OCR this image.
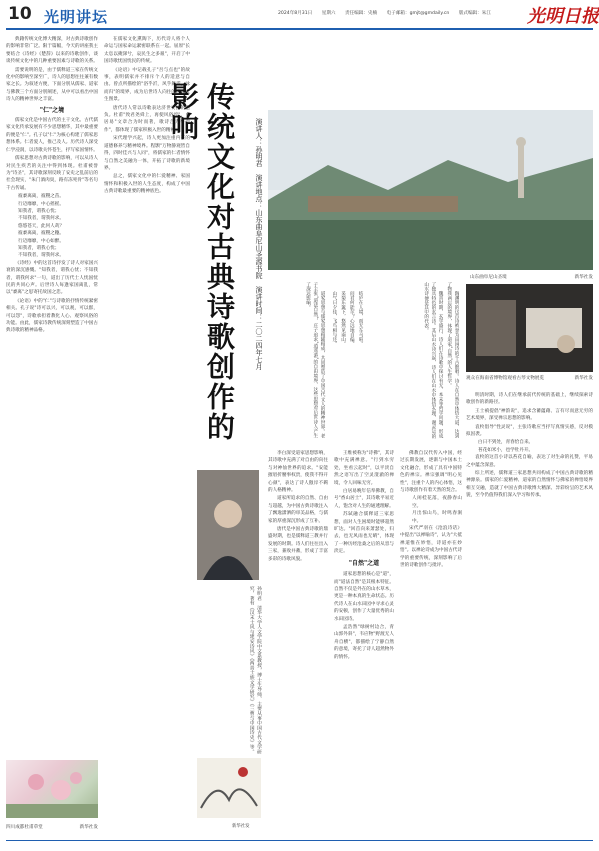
10 光明讲坛	2024年8月31日 星期六 责任编辑：史楠 电子邮箱：gmjt@gmdaily.cn 版式编辑：朱江 光明日报

典籍传统文化博大精深，对古典诗歌创作的影响非常广泛。限于篇幅，今天的讲座我主要结合《诗经》《楚辞》以来的诗歌创作，谈谈传统文化中的几种重要因素与诗歌的关系。

需要说明的是，由于儒释道三家在传统文化中的影响至深至广，诗人的思想往往兼有数家之长。为叙述方便，下面分别从儒家、道家与佛教三个方面分别阐述，从中可以看出中国诗人的精神世界之丰富。

"仁"之境

儒家文化是中国古代的主干文化。古代儒家文化传承发展有不少思想精华，其中最重要的便是"仁"。孔子以"仁"为核心构建了儒家思想体系。仁者爱人，推己及人。历代诗人深受仁学浸润，以诗歌关怀苍生，抒写家国情怀。

儒家思想对古典诗歌的影响，可以从诗人对民生疾苦的关注中得到体现。杜甫被誉为"诗圣"，其诗歌深刻反映了安史之乱前后的社会现实，"朱门酒肉臭，路有冻死骨"等名句千古传诵。

彼黍离离，彼稷之苗。
行迈靡靡，中心摇摇。
知我者，谓我心忧；
不知我者，谓我何求。
悠悠苍天，此何人哉？
彼黍离离，彼稷之穗。
行迈靡靡，中心如醉。
知我者，谓我心忧；
不知我者，谓我何求。

《诗经》中的这首诗抒发了诗人对家国兴衰的深沉感慨。"知我者，谓我心忧；不知我者，谓我何求"一句，道出了历代士人忧国忧民的共同心声。后世诗人每逢家国离乱，常以"黍离"之思寄托故国之悲。

《论语》中的"仁"与诗歌的抒情传统紧密相关。孔子说"诗可以兴，可以观，可以群，可以怨"，诗歌承担着教化人心、观察风俗的功能。由此，儒家诗教传统深刻塑造了中国古典诗歌的精神品格。

四川成都杜甫草堂	新华社发

在儒家文化熏陶下，历代诗人将个人命运与国家命运紧密联系在一起。屈原"长太息以掩涕兮，哀民生之多艰"，开启了中国诗歌忧国忧民的传统。

《论语》中记载孔子"吾与点也"的故事，表明儒家并不排斥个人的适意与自由。曾点所描绘的"浴乎沂，风乎舞雩，咏而归"的境界，成为后世诗人向往的理想人生图景。

唐代诗人常以诗歌表达济世安民的抱负。杜甫"致君尧舜上，再使风俗淳"，白居易"文章合为时而著，歌诗合为事而作"，都体现了儒家积极入世的精神。

宋代理学兴起，诗人更加注重内在的道德修养与精神境界。程颢"万物静观皆自得，四时佳兴与人同"，将儒家的仁者情怀与自然之美融为一体，开拓了诗歌的新境界。

总之，儒家文化中的仁爱精神、家国情怀和积极入世的人生态度，构成了中国古典诗歌最重要的精神底色。	传统文化对古典诗歌创作的影响
演讲人：孙明君　演讲地点：山东曲阜尼山圣源书院　演讲时间：二〇二四年七月	山东曲阜尼山圣境	新华社发
孙明君　清华大学人文学院中文系教授，博士生导师，主要从事中国古代文学研究，著有《汉末士风与建安诗风》《两晋士族文学研究》《三曹与中国诗史》等。
新华社发

道家思想与儒家思想相辅相成，共同塑造了中国古代文人的精神世界。老子主张"道法自然"，庄子追求"逍遥游"的自由境界，这些思想对后世诗人产生了深远影响。	结庐在人境，而无车马喧。

问君何能尔？心远地自偏。

采菊东篱下，悠然见南山。

山气日夕佳，飞鸟相与还。	陶渊明的这首诗被誉为田园诗的千古绝唱。诗人在自然中体悟大道，达到了物我两忘的境界，体现了道家"自然"的人生哲学。

魏晋时期，玄学盛行，诗人们在诗歌中探讨有无、本末等哲学问题，形成了独具特色的玄言诗。其后山水诗兴起，诗人们在山水中体悟玄理，谢灵运的山水诗便是其中的代表。

李白深受道家思想影响，其诗歌中充满了对自由的向往与对神仙世界的追求。"安能摧眉折腰事权贵，使我不得开心颜"，表达了诗人傲岸不羁的人格精神。

道家所追求的自然、自由与超越，为中国古典诗歌注入了飘逸潇洒的审美品格，与儒家的厚重深沉形成了互补。

唐代是中国古典诗歌的鼎盛时期，也是儒释道三教并行发展的时期。诗人们往往出入三家，兼收并蓄，形成了丰富多彩的诗歌风貌。

王维被称为"诗佛"，其诗歌中充满禅意。"行到水穷处，坐看云起时"，以平淡自然之语写出了空灵澄澈的禅境，令人回味无穷。

白居易晚年信奉佛教，自号"香山居士"，其诗歌平易近人，饱含对人生的通透理解。

苏轼融合儒释道三家思想，面对人生困境时能够超然旷达。"回首向来萧瑟处，归去，也无风雨也无晴"，体现了一种历经沧桑之后的从容与淡定。

"自然"之道

道家思想的核心是"道"，而"道法自然"是其根本特征。自然不仅是外在的山水草木，更是一种本真的生命状态。历代诗人在山水田园中寻求心灵的安顿，创作了大量优秀的山水田园诗。

孟浩然"绿树村边合，青山郭外斜"，韦应物"野渡无人舟自横"，都描绘了宁静自然的意境，寄托了诗人超然物外的情怀。

佛教自汉代传入中国，经过长期发展，逐渐与中国本土文化融合，形成了具有中国特色的禅宗。禅宗强调"明心见性"，注重个人的内心体悟，这与诗歌创作有着天然的契合。

人闲桂花落，夜静春山空。
月出惊山鸟，时鸣春涧中。

宋代严羽在《沧浪诗话》中提出"以禅喻诗"，认为"大抵禅道惟在妙悟，诗道亦在妙悟"。以禅论诗成为中国古代诗学的重要传统，深刻影响了后世的诗歌创作与批评。

观众在海南省博物馆观看古琴文物展览	新华社发

明清时期，诗人们在继承前代传统的基础上，继续探索诗歌创作的新路径。

王士禛提倡"神韵说"，追求含蓄蕴藉、言有尽而意无穷的艺术境界，深受禅宗思想的影响。

袁枚倡导"性灵说"，主张诗歌应当抒写真情实感，反对模拟因袭。

白日不到处，青春恰自来。
苔花如米小，也学牡丹开。

袁枚的这首小诗以苔花自喻，表达了对生命的礼赞，平易之中蕴含深意。

综上所述，儒释道三家思想共同构成了中国古典诗歌的精神源泉。儒家的仁爱精神、道家的自然情怀与佛家的禅悟境界相互交融，造就了中国古典诗歌博大精深、异彩纷呈的艺术风貌，至今仍值得我们深入学习和传承。
